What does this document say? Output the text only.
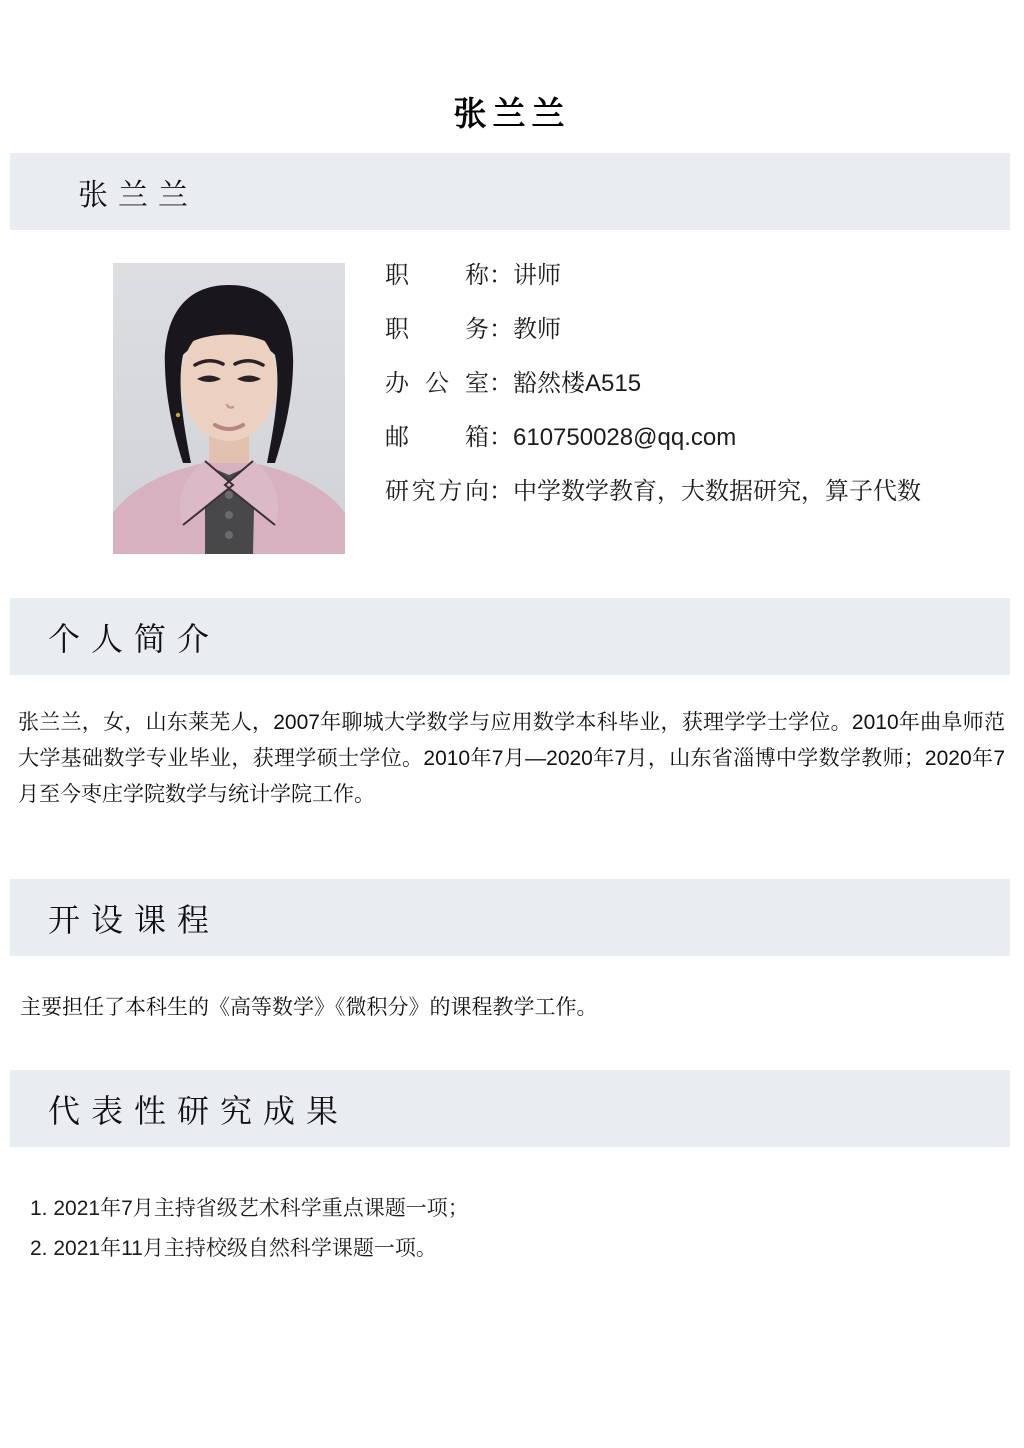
张兰兰
张兰兰
职称：讲师
职务：教师
办公室：豁然楼A515
邮箱：610750028@qq.com
研究方向：中学数学教育，大数据研究，算子代数
个人简介

张兰兰，女，山东莱芜人，2007年聊城大学数学与应用数学本科毕业，获理学学士学位。2010年曲阜师范大学基础数学专业毕业，获理学硕士学位。2010年7月—2020年7月，山东省淄博中学数学教师；2020年7月至今枣庄学院数学与统计学院工作。

开设课程

主要担任了本科生的《高等数学》《微积分》的课程教学工作。

代表性研究成果
1. 2021年7月主持省级艺术科学重点课题一项；
2. 2021年11月主持校级自然科学课题一项。
